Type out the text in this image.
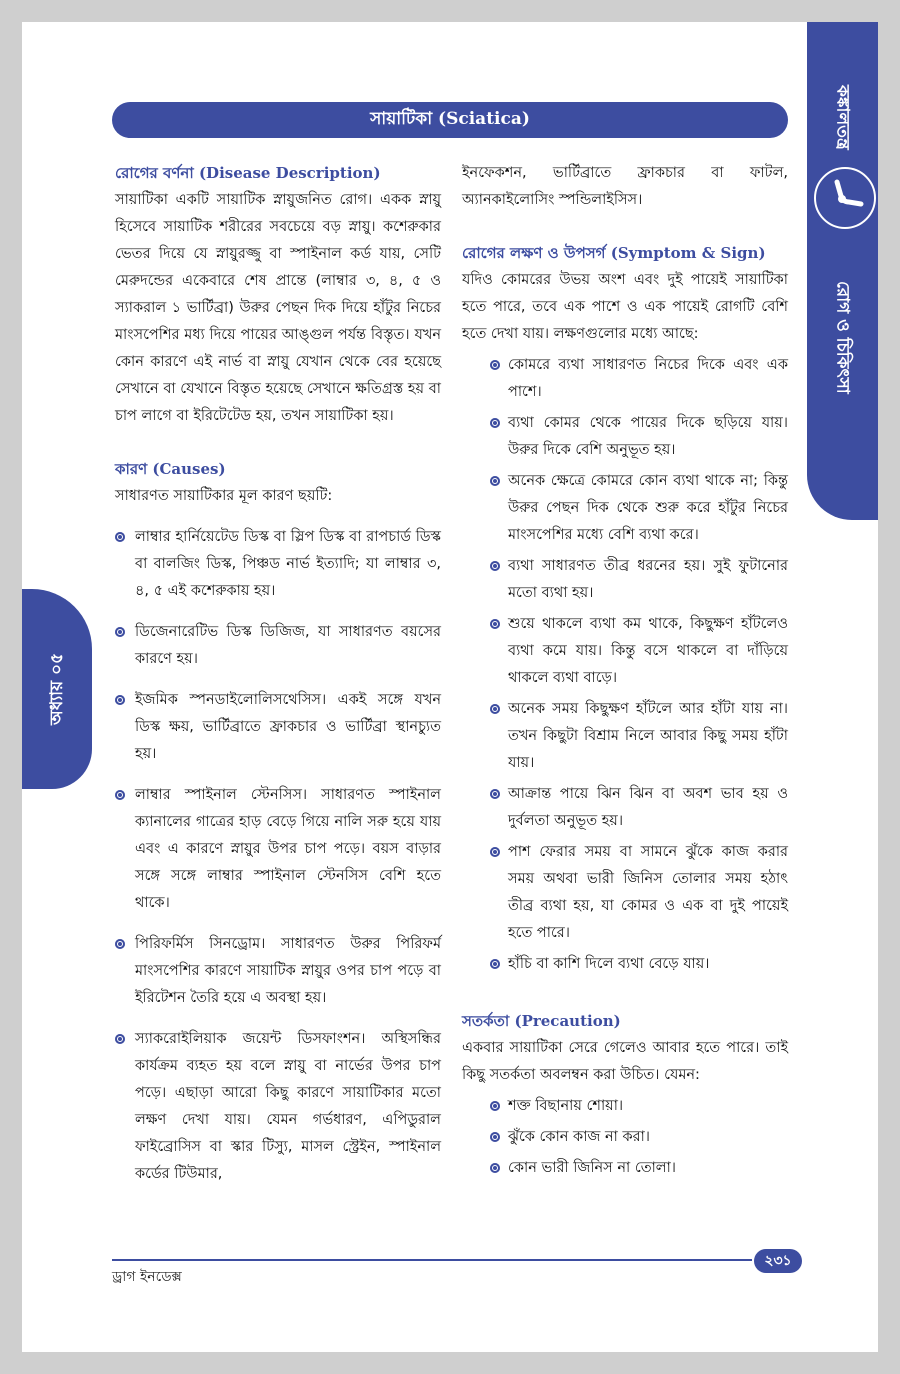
কঙ্কালতন্ত্র
রোগ ও চিকিৎসা
অধ্যায় ০৫
সায়াটিকা (Sciatica)
রোগের বর্ণনা (Disease Description)

সায়াটিকা একটি সায়াটিক স্নায়ুজনিত রোগ। একক স্নায়ু হিসেবে সায়াটিক শরীরের সবচেয়ে বড় স্নায়ু। কশেরুকার ভেতর দিয়ে যে স্নায়ুরজ্জু বা স্পাইনাল কর্ড যায়, সেটি মেরুদন্ডের একেবারে শেষ প্রান্তে (লাম্বার ৩, ৪, ৫ ও স্যাকরাল ১ ভার্টিব্রা) উরুর পেছন দিক দিয়ে হাঁটুর নিচের মাংসপেশির মধ্য দিয়ে পায়ের আঙ্গুল পর্যন্ত বিস্তৃত। যখন কোন কারণে এই নার্ভ বা স্নায়ু যেখান থেকে বের হয়েছে সেখানে বা যেখানে বিস্তৃত হয়েছে সেখানে ক্ষতিগ্রস্ত হয় বা চাপ লাগে বা ইরিটেটেড হয়, তখন সায়াটিকা হয়।

কারণ (Causes)

সাধারণত সায়াটিকার মূল কারণ ছয়টি:

লাম্বার হার্নিয়েটেড ডিস্ক বা স্লিপ ডিস্ক বা রাপচার্ড ডিস্ক বা বালজিং ডিস্ক, পিঞ্চড নার্ভ ইত্যাদি; যা লাম্বার ৩, ৪, ৫ এই কশেরুকায় হয়।
ডিজেনারেটিভ ডিস্ক ডিজিজ, যা সাধারণত বয়সের কারণে হয়।
ইজমিক স্পনডাইলোলিসথেসিস। একই সঙ্গে যখন ডিস্ক ক্ষয়, ভার্টিব্রাতে ফ্রাকচার ও ভার্টিব্রা স্থানচ্যুত হয়।
লাম্বার স্পাইনাল স্টেনসিস। সাধারণত স্পাইনাল ক্যানালের গাত্রের হাড় বেড়ে গিয়ে নালি সরু হয়ে যায় এবং এ কারণে স্নায়ুর উপর চাপ পড়ে। বয়স বাড়ার সঙ্গে সঙ্গে লাম্বার স্পাইনাল স্টেনসিস বেশি হতে থাকে।
পিরিফর্মিস সিনড্রোম। সাধারণত উরুর পিরিফর্ম মাংসপেশির কারণে সায়াটিক স্নায়ুর ওপর চাপ পড়ে বা ইরিটেশন তৈরি হয়ে এ অবস্থা হয়।
স্যাকরোইলিয়াক জয়েন্ট ডিসফাংশন। অস্থিসন্ধির কার্যক্রম ব্যহত হয় বলে স্নায়ু বা নার্ভের উপর চাপ পড়ে। এছাড়া আরো কিছু কারণে সায়াটিকার মতো লক্ষণ দেখা যায়। যেমন গর্ভধারণ, এপিডুরাল ফাইব্রোসিস বা স্কার টিস্যু, মাসল স্ট্রেইন, স্পাইনাল কর্ডের টিউমার,

ইনফেকশন, ভার্টিব্রাতে ফ্রাকচার বা ফাটল, অ্যানকাইলোসিং স্পন্ডিলাইসিস।

রোগের লক্ষণ ও উপসর্গ (Symptom & Sign)

যদিও কোমরের উভয় অংশ এবং দুই পায়েই সায়াটিকা হতে পারে, তবে এক পাশে ও এক পায়েই রোগটি বেশি হতে দেখা যায়। লক্ষণগুলোর মধ্যে আছে:

কোমরে ব্যথা সাধারণত নিচের দিকে এবং এক পাশে।
ব্যথা কোমর থেকে পায়ের দিকে ছড়িয়ে যায়। উরুর দিকে বেশি অনুভূত হয়।
অনেক ক্ষেত্রে কোমরে কোন ব্যথা থাকে না; কিন্তু উরুর পেছন দিক থেকে শুরু করে হাঁটুর নিচের মাংসপেশির মধ্যে বেশি ব্যথা করে।
ব্যথা সাধারণত তীব্র ধরনের হয়। সুই ফুটানোর মতো ব্যথা হয়।
শুয়ে থাকলে ব্যথা কম থাকে, কিছুক্ষণ হাঁটলেও ব্যথা কমে যায়। কিন্তু বসে থাকলে বা দাঁড়িয়ে থাকলে ব্যথা বাড়ে।
অনেক সময় কিছুক্ষণ হাঁটলে আর হাঁটা যায় না। তখন কিছুটা বিশ্রাম নিলে আবার কিছু সময় হাঁটা যায়।
আক্রান্ত পায়ে ঝিন ঝিন বা অবশ ভাব হয় ও দুর্বলতা অনুভূত হয়।
পাশ ফেরার সময় বা সামনে ঝুঁকে কাজ করার সময় অথবা ভারী জিনিস তোলার সময় হঠাৎ তীব্র ব্যথা হয়, যা কোমর ও এক বা দুই পায়েই হতে পারে।
হাঁচি বা কাশি দিলে ব্যথা বেড়ে যায়।
সতর্কতা (Precaution)

একবার সায়াটিকা সেরে গেলেও আবার হতে পারে। তাই কিছু সতর্কতা অবলম্বন করা উচিত। যেমন:

শক্ত বিছানায় শোয়া।
ঝুঁকে কোন কাজ না করা।
কোন ভারী জিনিস না তোলা।
ড্রাগ ইনডেক্স
২৩১
